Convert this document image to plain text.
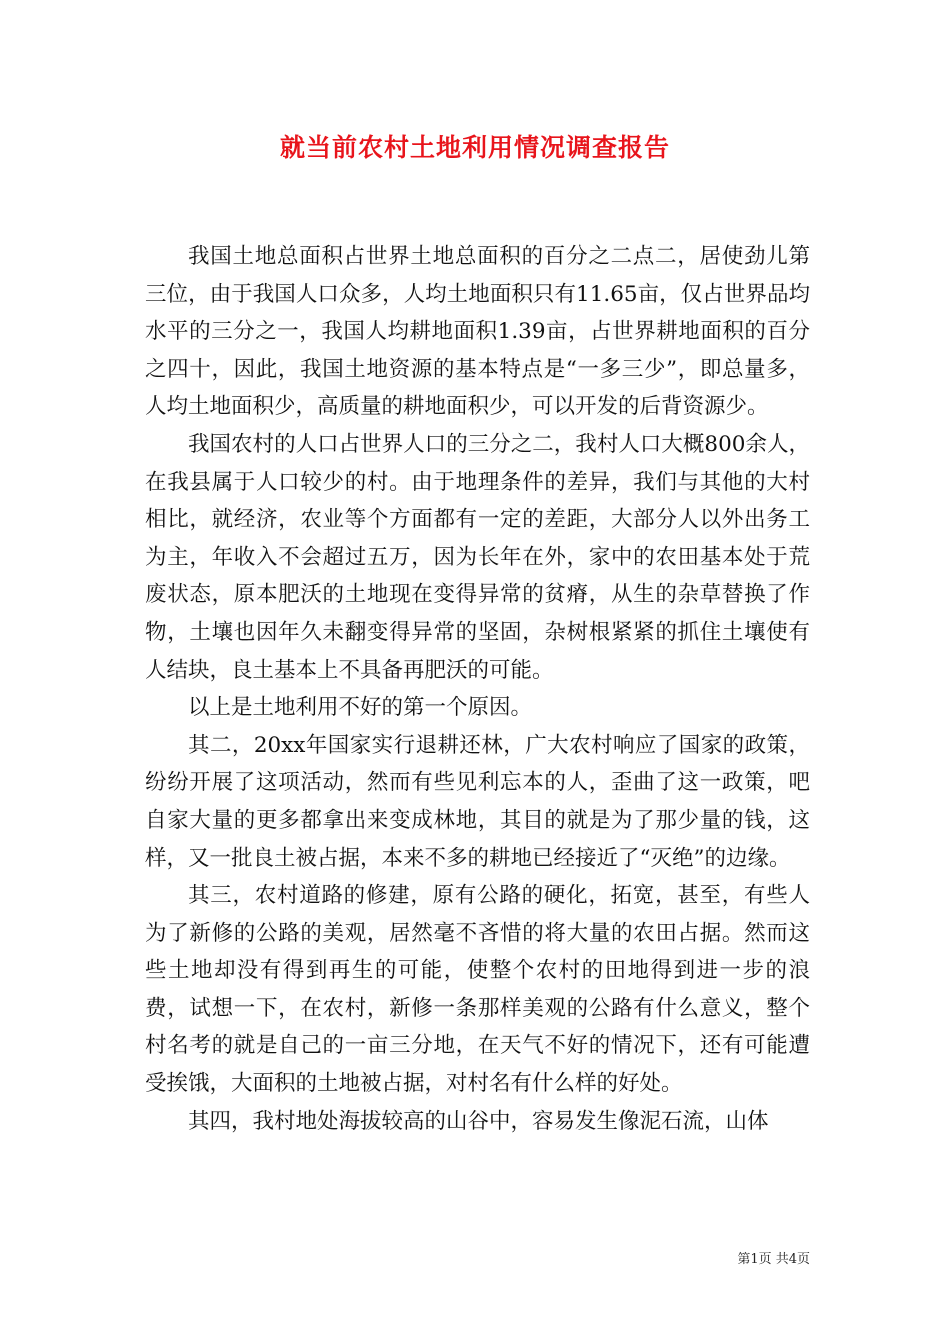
就当前农村土地利用情况调查报告

我国土地总面积占世界土地总面积的百分之二点二，居使劲儿第三位，由于我国人口众多，人均土地面积只有11.65亩，仅占世界品均水平的三分之一，我国人均耕地面积1.39亩，占世界耕地面积的百分之四十，因此，我国土地资源的基本特点是“一多三少”，即总量多，人均土地面积少，高质量的耕地面积少，可以开发的后背资源少。

我国农村的人口占世界人口的三分之二，我村人口大概800余人，在我县属于人口较少的村。由于地理条件的差异，我们与其他的大村相比，就经济，农业等个方面都有一定的差距，大部分人以外出务工为主，年收入不会超过五万，因为长年在外，家中的农田基本处于荒废状态，原本肥沃的土地现在变得异常的贫瘠，从生的杂草替换了作物，土壤也因年久未翻变得异常的坚固，杂树根紧紧的抓住土壤使有人结块，良土基本上不具备再肥沃的可能。

以上是土地利用不好的第一个原因。

其二，20xx年国家实行退耕还林，广大农村响应了国家的政策，纷纷开展了这项活动，然而有些见利忘本的人，歪曲了这一政策，吧自家大量的更多都拿出来变成林地，其目的就是为了那少量的钱，这样，又一批良土被占据，本来不多的耕地已经接近了“灭绝”的边缘。

其三，农村道路的修建，原有公路的硬化，拓宽，甚至，有些人为了新修的公路的美观，居然毫不吝惜的将大量的农田占据。然而这些土地却没有得到再生的可能，使整个农村的田地得到进一步的浪费，试想一下，在农村，新修一条那样美观的公路有什么意义，整个村名考的就是自己的一亩三分地，在天气不好的情况下，还有可能遭受挨饿，大面积的土地被占据，对村名有什么样的好处。

其四，我村地处海拔较高的山谷中，容易发生像泥石流，山体

第1页 共4页
